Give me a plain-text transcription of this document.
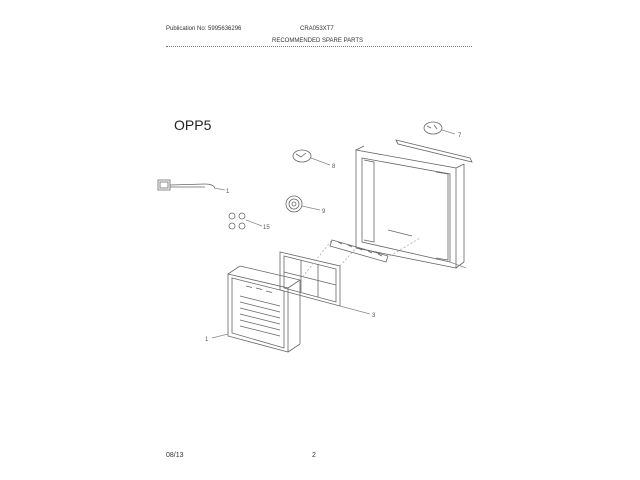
Publication No: 5995636296	CRA053XT7
RECOMMENDED SPARE PARTS
OPP5
7
8
1
9
15
3
1
08/13	2
